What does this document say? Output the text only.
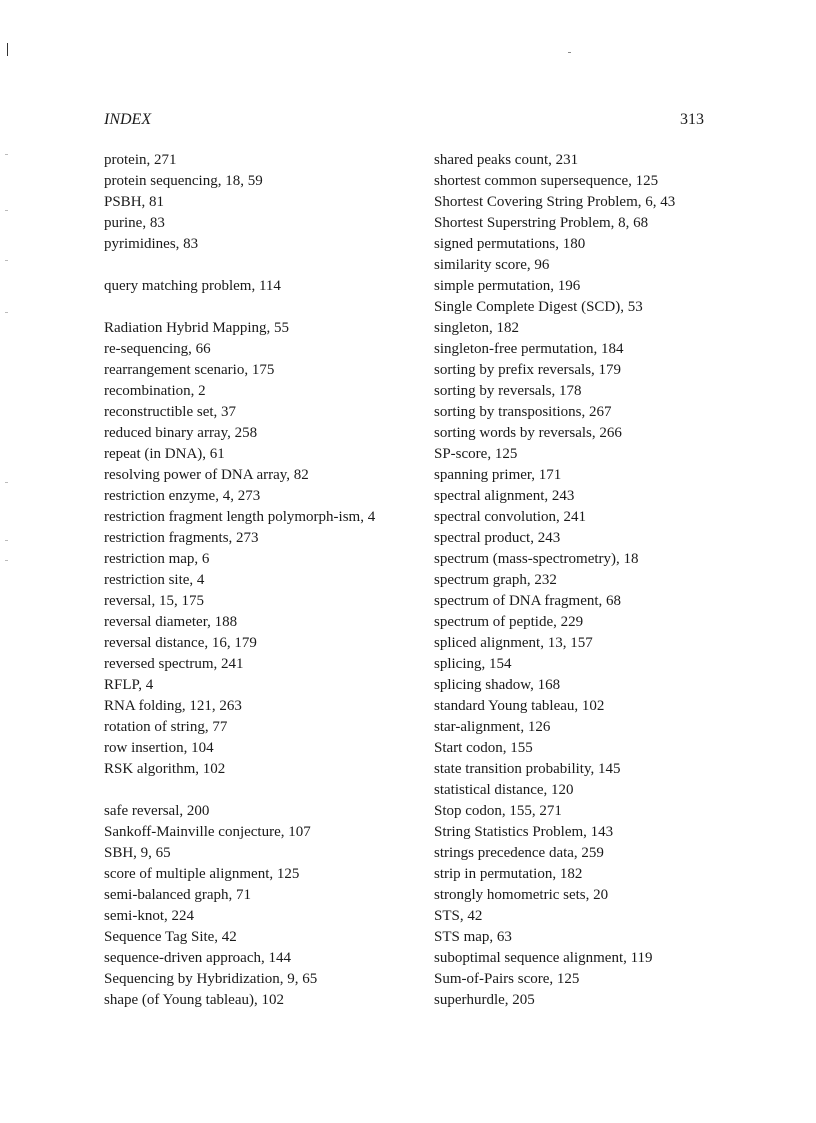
INDEX	313

protein, 271

protein sequencing, 18, 59

PSBH, 81

purine, 83

pyrimidines, 83

query matching problem, 114

Radiation Hybrid Mapping, 55

re-sequencing, 66

rearrangement scenario, 175

recombination, 2

reconstructible set, 37

reduced binary array, 258

repeat (in DNA), 61

resolving power of DNA array, 82

restriction enzyme, 4, 273

restriction fragment length polymorph-ism, 4

restriction fragments, 273

restriction map, 6

restriction site, 4

reversal, 15, 175

reversal diameter, 188

reversal distance, 16, 179

reversed spectrum, 241

RFLP, 4

RNA folding, 121, 263

rotation of string, 77

row insertion, 104

RSK algorithm, 102

safe reversal, 200

Sankoff-Mainville conjecture, 107

SBH, 9, 65

score of multiple alignment, 125

semi-balanced graph, 71

semi-knot, 224

Sequence Tag Site, 42

sequence-driven approach, 144

Sequencing by Hybridization, 9, 65

shape (of Young tableau), 102

shared peaks count, 231

shortest common supersequence, 125

Shortest Covering String Problem, 6, 43

Shortest Superstring Problem, 8, 68

signed permutations, 180

similarity score, 96

simple permutation, 196

Single Complete Digest (SCD), 53

singleton, 182

singleton-free permutation, 184

sorting by prefix reversals, 179

sorting by reversals, 178

sorting by transpositions, 267

sorting words by reversals, 266

SP-score, 125

spanning primer, 171

spectral alignment, 243

spectral convolution, 241

spectral product, 243

spectrum (mass-spectrometry), 18

spectrum graph, 232

spectrum of DNA fragment, 68

spectrum of peptide, 229

spliced alignment, 13, 157

splicing, 154

splicing shadow, 168

standard Young tableau, 102

star-alignment, 126

Start codon, 155

state transition probability, 145

statistical distance, 120

Stop codon, 155, 271

String Statistics Problem, 143

strings precedence data, 259

strip in permutation, 182

strongly homometric sets, 20

STS, 42

STS map, 63

suboptimal sequence alignment, 119

Sum-of-Pairs score, 125

superhurdle, 205
